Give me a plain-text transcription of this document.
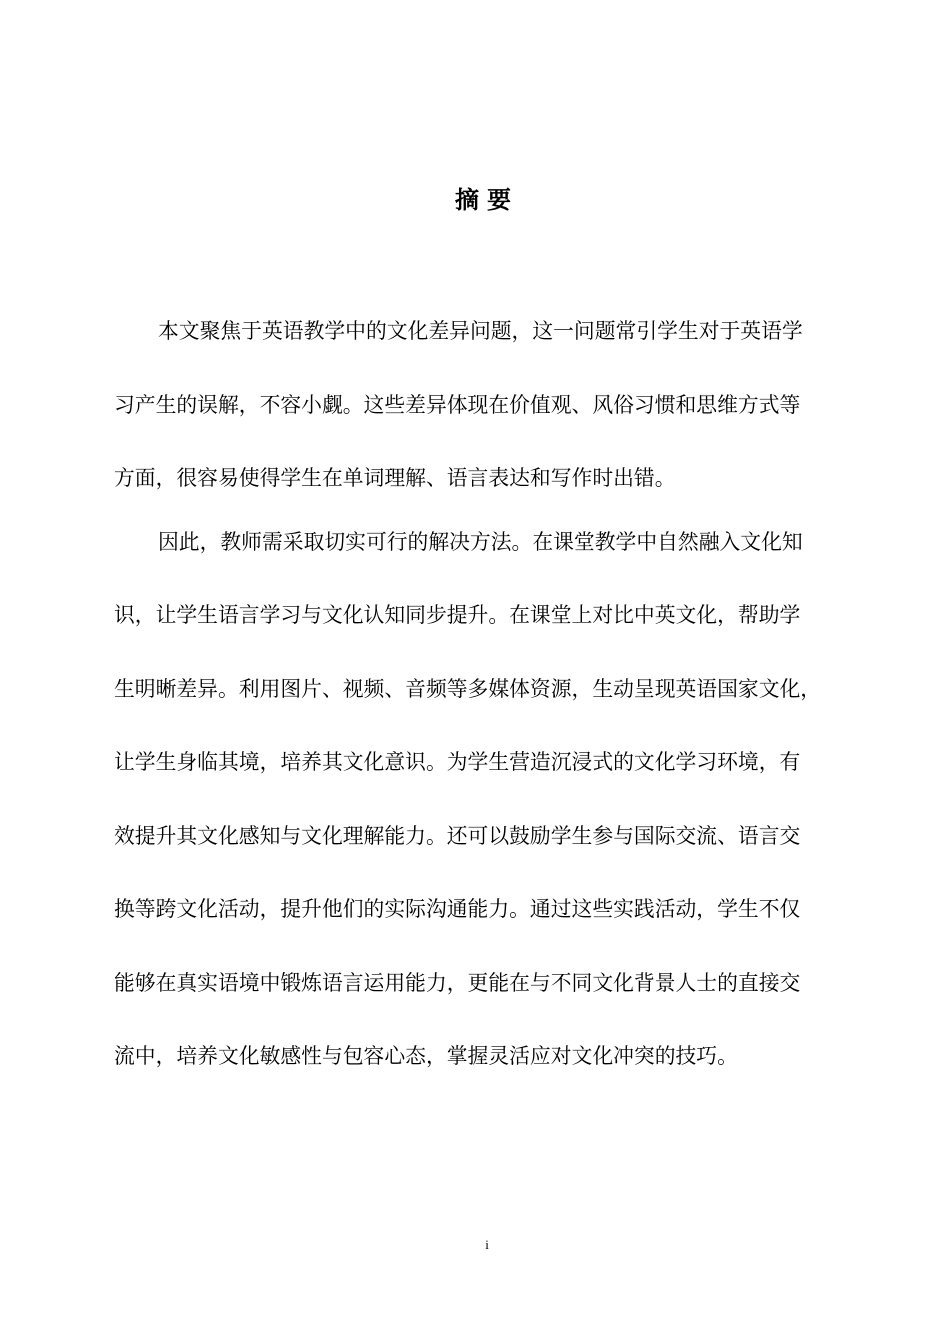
摘要
本文聚焦于英语教学中的文化差异问题，这一问题常引学生对于英语学
习产生的误解，不容小觑。这些差异体现在价值观、风俗习惯和思维方式等
方面，很容易使得学生在单词理解、语言表达和写作时出错。
因此，教师需采取切实可行的解决方法。在课堂教学中自然融入文化知
识，让学生语言学习与文化认知同步提升。在课堂上对比中英文化，帮助学
生明晰差异。利用图片、视频、音频等多媒体资源，生动呈现英语国家文化，
让学生身临其境，培养其文化意识。为学生营造沉浸式的文化学习环境，有
效提升其文化感知与文化理解能力。还可以鼓励学生参与国际交流、语言交
换等跨文化活动，提升他们的实际沟通能力。通过这些实践活动，学生不仅
能够在真实语境中锻炼语言运用能力，更能在与不同文化背景人士的直接交
流中，培养文化敏感性与包容心态，掌握灵活应对文化冲突的技巧。
i
